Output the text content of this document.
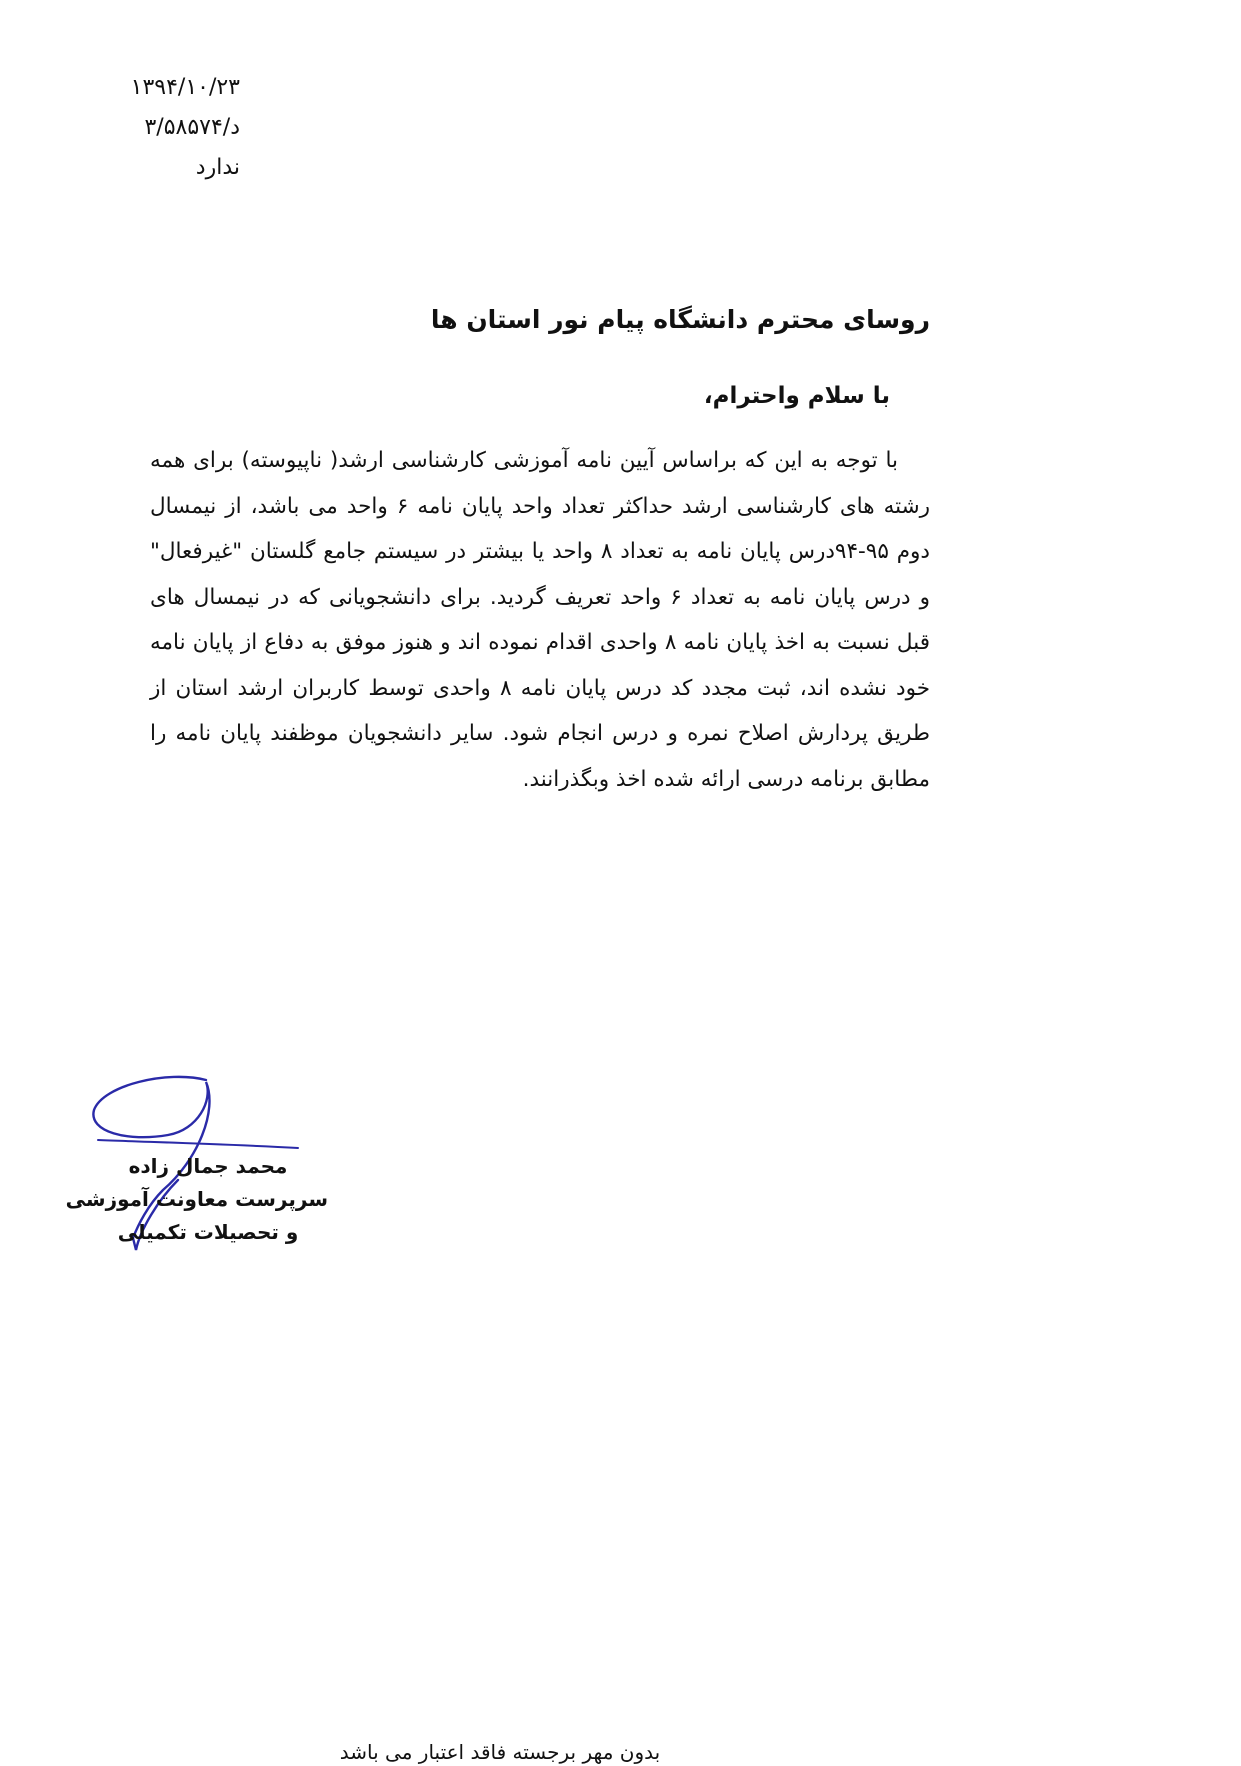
۱۳۹۴/۱۰/۲۳
د/۳/۵۸۵۷۴
ندارد

روسای محترم دانشگاه پیام نور استان ها

با سلام واحترام،

با توجه به این که براساس آیین نامه آموزشی کارشناسی ارشد( ناپیوسته) برای همه رشته های کارشناسی ارشد حداکثر تعداد واحد پایان نامه ۶ واحد می باشد، از نیمسال دوم ۹۵-۹۴درس پایان نامه به تعداد ۸ واحد یا بیشتر در سیستم جامع گلستان "غیرفعال" و درس پایان نامه به تعداد ۶ واحد تعریف گردید. برای دانشجویانی که در نیمسال های قبل نسبت به اخذ پایان نامه ۸ واحدی اقدام نموده اند و هنوز موفق به دفاع از پایان نامه خود نشده اند، ثبت مجدد کد درس پایان نامه ۸ واحدی توسط کاربران ارشد استان از طریق پردارش اصلاح نمره و درس انجام شود. سایر دانشجویان موظفند پایان نامه را مطابق برنامه درسی ارائه شده اخذ وبگذرانند.

محمد جمال زاده
سرپرست معاونت آموزشی
و تحصیلات تکمیلی
بدون مهر برجسته فاقد اعتبار می باشد
